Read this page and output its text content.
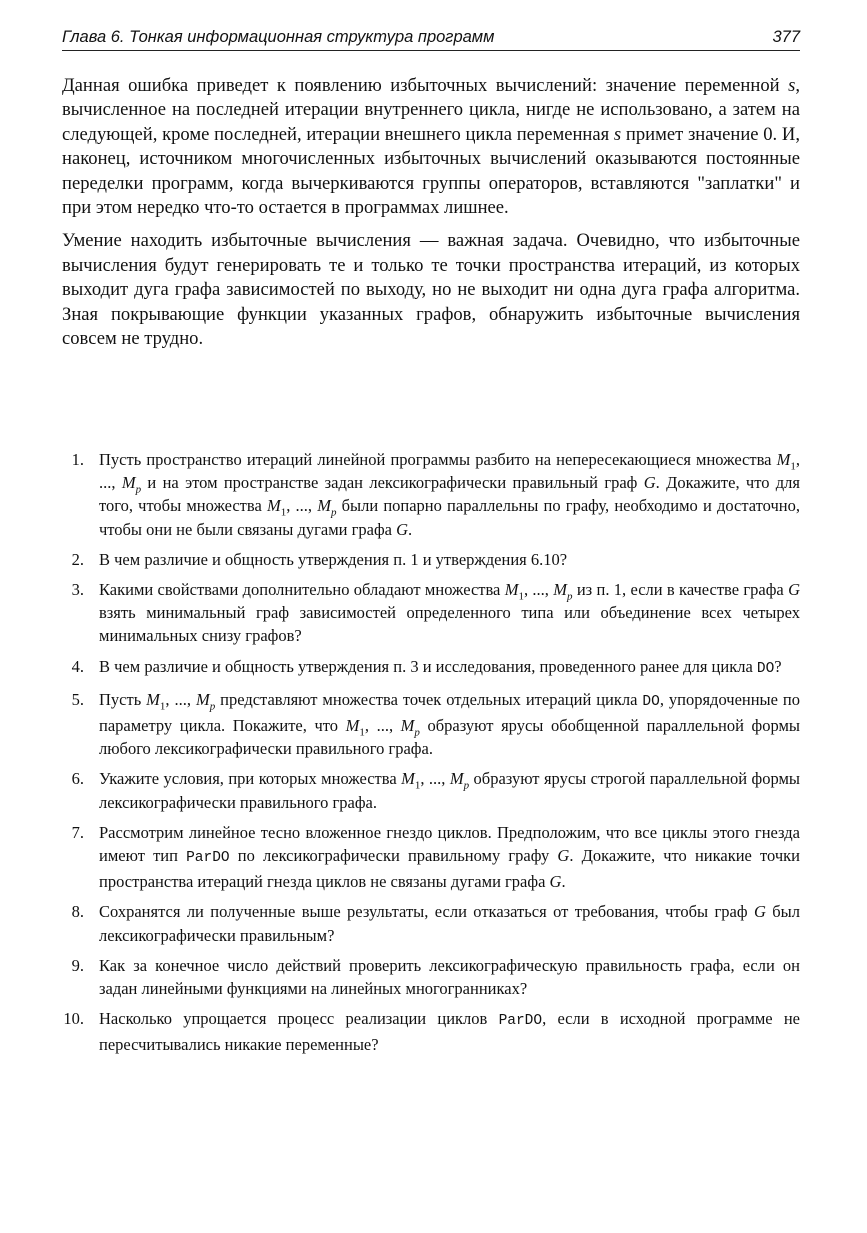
Глава 6. Тонкая информационная структура программ	377

Данная ошибка приведет к появлению избыточных вычислений: значение переменной s, вычисленное на последней итерации внутреннего цикла, нигде не использовано, а затем на следующей, кроме последней, итерации внешнего цикла переменная s примет значение 0. И, наконец, источником многочисленных избыточных вычислений оказываются постоянные переделки программ, когда вычеркиваются группы операторов, вставляются "заплатки" и при этом нередко что-то остается в программах лишнее.

Умение находить избыточные вычисления — важная задача. Очевидно, что избыточные вычисления будут генерировать те и только те точки пространства итераций, из которых выходит дуга графа зависимостей по выходу, но не выходит ни одна дуга графа алгоритма. Зная покрывающие функции указанных графов, обнаружить избыточные вычисления совсем не трудно.

1. Пусть пространство итераций линейной программы разбито на непересекающиеся множества $M_1$, ..., $M_p$ и на этом пространстве задан лексикографически правильный граф G. Докажите, что для того, чтобы множества $M_1$, ..., $M_p$ были попарно параллельны по графу, необходимо и достаточно, чтобы они не были связаны дугами графа G.
2. В чем различие и общность утверждения п. 1 и утверждения 6.10?
3. Какими свойствами дополнительно обладают множества $M_1$, ..., $M_p$ из п. 1, если в качестве графа G взять минимальный граф зависимостей определенного типа или объединение всех четырех минимальных снизу графов?
4. В чем различие и общность утверждения п. 3 и исследования, проведенного ранее для цикла DO?
5. Пусть $M_1$, ..., $M_p$ представляют множества точек отдельных итераций цикла DO, упорядоченные по параметру цикла. Покажите, что $M_1$, ..., $M_p$ образуют ярусы обобщенной параллельной формы любого лексикографически правильного графа.
6. Укажите условия, при которых множества $M_1$, ..., $M_p$ образуют ярусы строгой параллельной формы лексикографически правильного графа.
7. Рассмотрим линейное тесно вложенное гнездо циклов. Предположим, что все циклы этого гнезда имеют тип ParDO по лексикографически правильному графу G. Докажите, что никакие точки пространства итераций гнезда циклов не связаны дугами графа G.
8. Сохранятся ли полученные выше результаты, если отказаться от требования, чтобы граф G был лексикографически правильным?
9. Как за конечное число действий проверить лексикографическую правильность графа, если он задан линейными функциями на линейных многогранниках?
10. Насколько упрощается процесс реализации циклов ParDO, если в исходной программе не пересчитывались никакие переменные?
